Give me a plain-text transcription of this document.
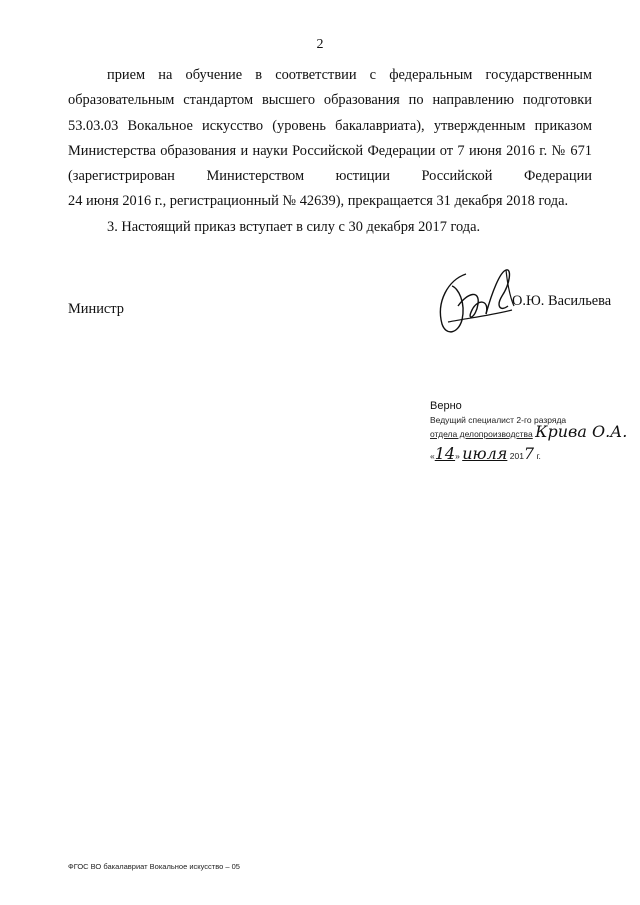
2

прием на обучение в соответствии с федеральным государственным

образовательным стандартом высшего образования по направлению подготовки

53.03.03 Вокальное искусство (уровень бакалавриата), утвержденным приказом

Министерства образования и науки Российской Федерации от 7 июня 2016 г. № 671

(зарегистрирован Министерством юстиции Российской Федерации

24 июня 2016 г., регистрационный № 42639), прекращается 31 декабря 2018 года.

3. Настоящий приказ вступает в силу с 30 декабря 2017 года.

Министр	О.Ю. Васильева
Верно
Ведущий специалист 2-го разряда
отдела делопроизводства Крива О.А.
«14» июля 2017 г.
ФГОС ВО бакалавриат Вокальное искусство – 05
